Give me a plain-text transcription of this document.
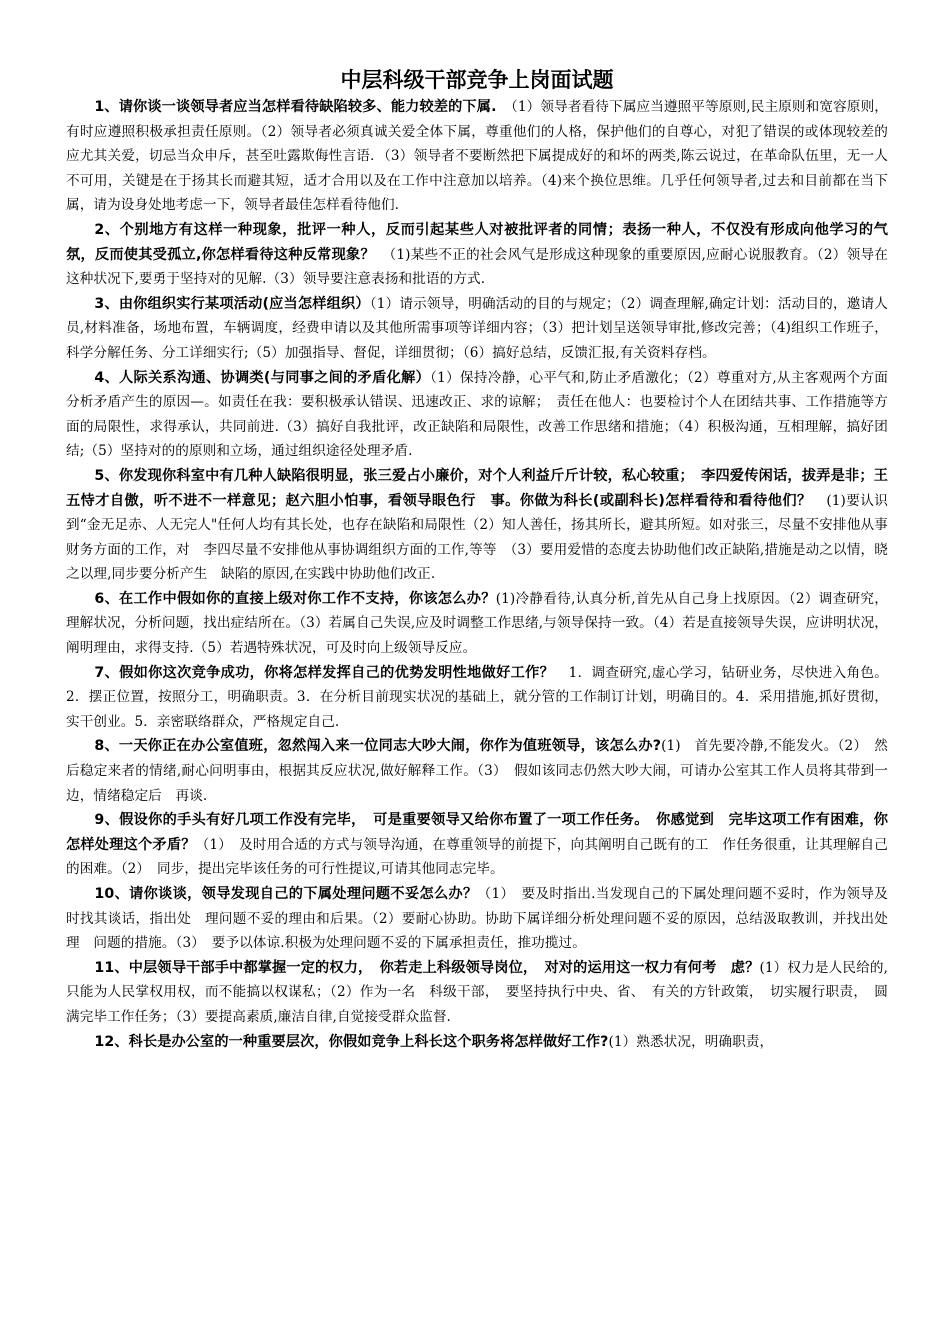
中层科级干部竞争上岗面试题

1、请你谈一谈领导者应当怎样看待缺陷较多、能力较差的下属.　 （1）领导者看待下属应当遵照平等原则,民主原则和宽容原则，有时应遵照积极承担责任原则。（2）领导者必须真诚关爱全体下属，尊重他们的人格，保护他们的自尊心，对犯了错误的或体现较差的应尤其关爱，切忌当众申斥，甚至吐露欺侮性言语．（3）领导者不要断然把下属提成好的和坏的两类,陈云说过，在革命队伍里，无一人不可用，关键是在于扬其长而避其短，适才合用以及在工作中注意加以培养。（4)来个换位思维。几乎任何领导者,过去和目前都在当下属，请为设身处地考虑一下，领导者最佳怎样看待他们.

2、个别地方有这样一种现象，批评一种人，反而引起某些人对被批评者的同情；表扬一种人，不仅没有形成向他学习的气氛，反而使其受孤立,你怎样看待这种反常现象？　 （1)某些不正的社会风气是形成这种现象的重要原因,应耐心说服教育。（2）领导在这种状况下,要勇于坚持对的见解.（3）领导要注意表扬和批语的方式.

3、由你组织实行某项活动(应当怎样组织）（1）请示领导，明确活动的目的与规定；（2）调查理解,确定计划：活动目的，邀请人员,材料准备，场地布置，车辆调度，经费申请以及其他所需事项等详细内容；（3）把计划呈送领导审批,修改完善；（4)组织工作班子，科学分解任务、分工详细实行;（5）加强指导、督促，详细贯彻；（6）搞好总结，反馈汇报,有关资料存档。

4、人际关系沟通、协调类(与同事之间的矛盾化解）（1）保持冷静，心平气和,防止矛盾激化；（2）尊重对方,从主客观两个方面分析矛盾产生的原因—。如责任在我：要积极承认错误、迅速改正、求的谅解；　责任在他人：也要检讨个人在团结共事、工作措施等方面的局限性，求得承认，共同前进.（3）搞好自我批评，改正缺陷和局限性，改善工作思绪和措施；（4）积极沟通，互相理解，搞好团结;（5）坚持对的的原则和立场，通过组织途径处理矛盾.

5、你发现你科室中有几种人缺陷很明显，张三爱占小廉价，对个人利益斤斤计较，私心较重；　李四爱传闲话，拔弄是非；王五恃才自傲，听不进不一样意见；赵六胆小怕事，看领导眼色行　事。你做为科长(或副科长)怎样看待和看待他们？　 (1)要认识到“金无足赤、人无完人"任何人均有其长处，也存在缺陷和局限性（2）知人善任，扬其所长，避其所短。如对张三，尽量不安排他从事财务方面的工作，对　李四尽量不安排他从事协调组织方面的工作,等等　（3）要用爱惜的态度去协助他们改正缺陷,措施是动之以情，晓之以理,同步要分析产生　缺陷的原因,在实践中协助他们改正.

6、在工作中假如你的直接上级对你工作不支持，你该怎么办？(1)冷静看待,认真分析,首先从自己身上找原因。（2）调查研究，理解状况，分析问题，找出症结所在。（3）若属自己失误,应及时调整工作思绪,与领导保持一致。（4）若是直接领导失误，应讲明状况，阐明理由，求得支持.（5）若遇特殊状况，可及时向上级领导反应。

7、假如你这次竞争成功，你将怎样发挥自己的优势发明性地做好工作？　 1．调查研究,虚心学习，钻研业务，尽快进入角色。2．摆正位置，按照分工，明确职责。3．在分析目前现实状况的基础上，就分管的工作制订计划，明确目的。4．采用措施,抓好贯彻，实干创业。5．亲密联络群众，严格规定自己.

8、一天你正在办公室值班，忽然闯入来一位同志大吵大闹，你作为值班领导，该怎么办?(1)　首先要冷静,不能发火。（2）　然后稳定来者的情绪,耐心问明事由，根据其反应状况,做好解释工作。（3）　假如该同志仍然大吵大闹，可请办公室其工作人员将其带到一边，情绪稳定后　再谈.

9、假设你的手头有好几项工作没有完毕，　可是重要领导又给你布置了一项工作任务。　你感觉到　完毕这项工作有困难，你怎样处理这个矛盾？（1）　及时用合适的方式与领导沟通，在尊重领导的前提下，向其阐明自己既有的工　作任务很重，让其理解自己的困难。（2）　同步，提出完毕该任务的可行性提议,可请其他同志完毕。

10、请你谈谈，领导发现自己的下属处理问题不妥怎么办？（1）　要及时指出.当发现自己的下属处理问题不妥时，作为领导及时找其谈话，指出处　理问题不妥的理由和后果。（2）要耐心协助。协助下属详细分析处理问题不妥的原因，总结汲取教训，并找出处理　问题的措施。（3）　要予以体谅.积极为处理问题不妥的下属承担责任，推功揽过。

11、中层领导干部手中都掌握一定的权力，　你若走上科级领导岗位，　对对的运用这一权力有何考　虑？(1）权力是人民给的,只能为人民掌权用权，而不能搞以权谋私；（2）作为一名　科级干部，　要坚持执行中央、省、　有关的方针政策，　切实履行职责，　圆满完毕工作任务；（3）要提高素质,廉洁自律,自觉接受群众监督.

12、科长是办公室的一种重要层次，你假如竞争上科长这个职务将怎样做好工作?(1）熟悉状况，明确职责，
